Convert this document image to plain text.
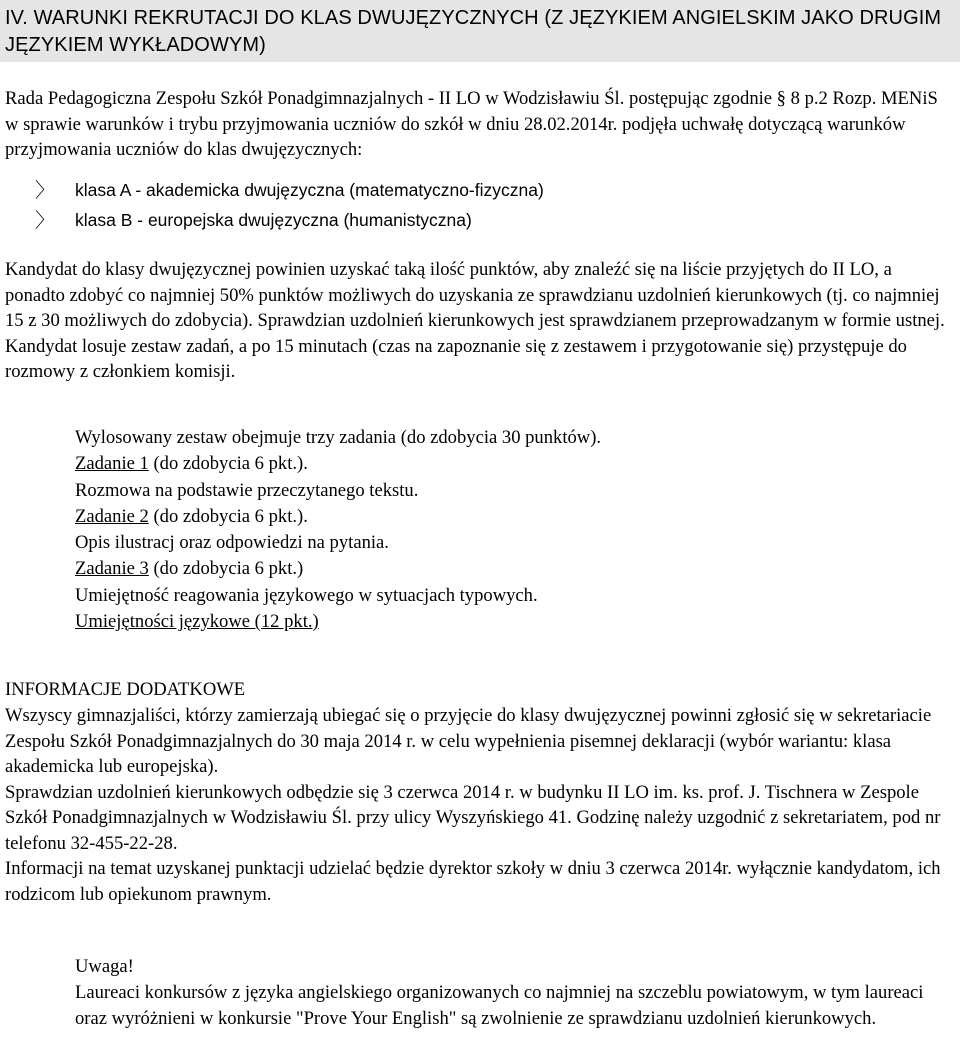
IV. WARUNKI REKRUTACJI DO KLAS DWUJĘZYCZNYCH (Z JĘZYKIEM ANGIELSKIM JAKO DRUGIM JĘZYKIEM WYKŁADOWYM)

Rada Pedagogiczna Zespołu Szkół Ponadgimnazjalnych - II LO w Wodzisławiu Śl. postępując zgodnie § 8 p.2 Rozp. MENiS w sprawie warunków i trybu przyjmowania uczniów do szkół w dniu 28.02.2014r. podjęła uchwałę dotyczącą warunków przyjmowania uczniów do klas dwujęzycznych:

〉	klasa A - akademicka dwujęzyczna (matematyczno-fizyczna)
〉	klasa B - europejska dwujęzyczna (humanistyczna)

Kandydat do klasy dwujęzycznej powinien uzyskać taką ilość punktów, aby znaleźć się na liście przyjętych do II LO, a ponadto zdobyć co najmniej 50% punktów możliwych do uzyskania ze sprawdzianu uzdolnień kierunkowych (tj. co najmniej 15 z 30 możliwych do zdobycia). Sprawdzian uzdolnień kierunkowych jest sprawdzianem przeprowadzanym w formie ustnej. Kandydat losuje zestaw zadań, a po 15 minutach (czas na zapoznanie się z zestawem i przygotowanie się) przystępuje do rozmowy z członkiem komisji.

Wylosowany zestaw obejmuje trzy zadania (do zdobycia 30 punktów).
Zadanie 1 (do zdobycia 6 pkt.).
Rozmowa na podstawie przeczytanego tekstu.
Zadanie 2 (do zdobycia 6 pkt.).
Opis ilustracj oraz odpowiedzi na pytania.
Zadanie 3 (do zdobycia 6 pkt.)
Umiejętność reagowania językowego w sytuacjach typowych.
Umiejętności językowe (12 pkt.)
INFORMACJE DODATKOWE

Wszyscy gimnazjaliści, którzy zamierzają ubiegać się o przyjęcie do klasy dwujęzycznej powinni zgłosić się w sekretariacie Zespołu Szkół Ponadgimnazjalnych do 30 maja 2014 r. w celu wypełnienia pisemnej deklaracji (wybór wariantu: klasa akademicka lub europejska).

Sprawdzian uzdolnień kierunkowych odbędzie się 3 czerwca 2014 r. w budynku II LO im. ks. prof. J. Tischnera w Zespole Szkół Ponadgimnazjalnych w Wodzisławiu Śl. przy ulicy Wyszyńskiego 41. Godzinę należy uzgodnić z sekretariatem, pod nr telefonu 32-455-22-28.

Informacji na temat uzyskanej punktacji udzielać będzie dyrektor szkoły w dniu 3 czerwca 2014r. wyłącznie kandydatom, ich rodzicom lub opiekunom prawnym.

Uwaga!

Laureaci konkursów z języka angielskiego organizowanych co najmniej na szczeblu powiatowym, w tym laureaci oraz wyróżnieni w konkursie "Prove Your English" są zwolnienie ze sprawdzianu uzdolnień kierunkowych.
